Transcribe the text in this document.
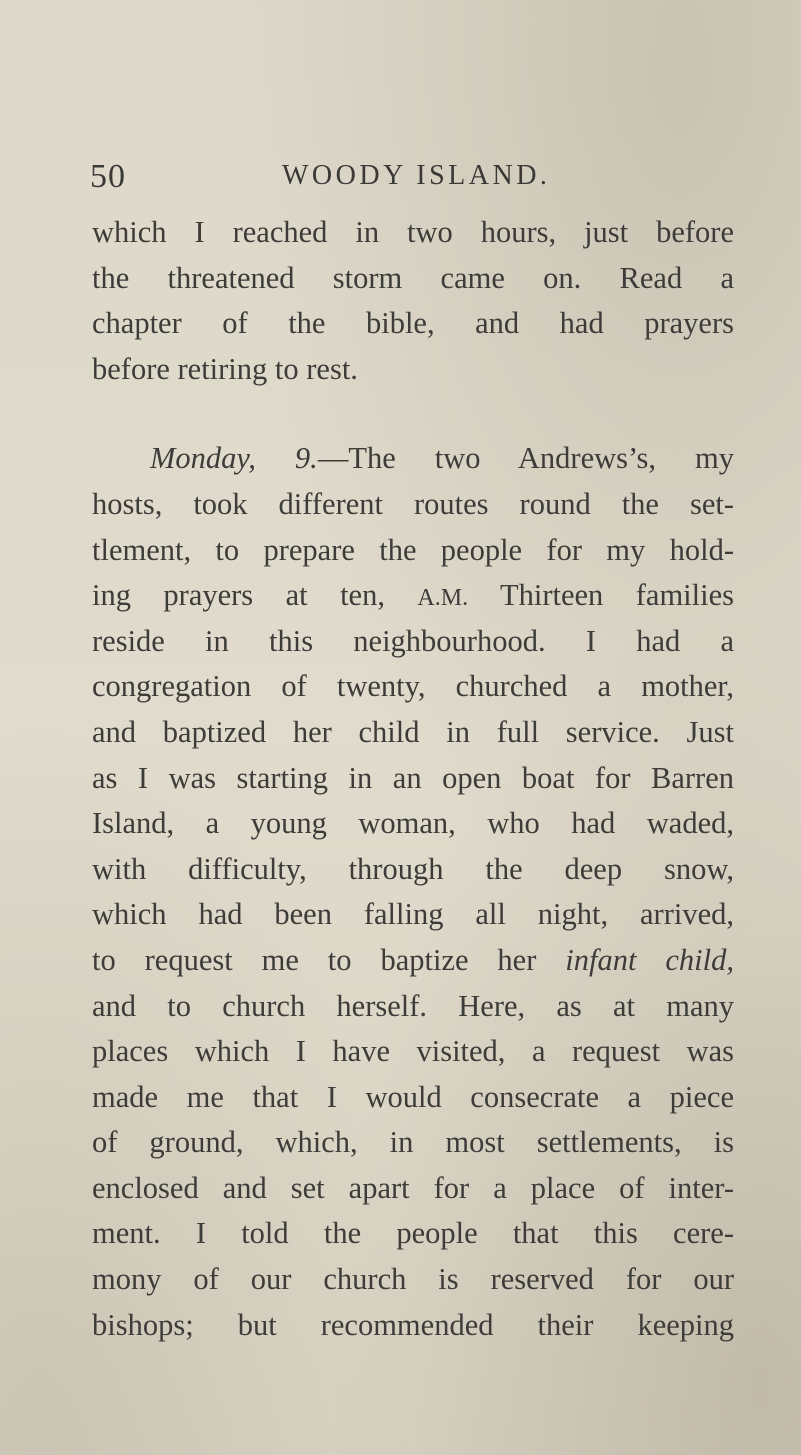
50	WOODY ISLAND.
which I reached in two hours, just before
the threatened storm came on. Read a
chapter of the bible, and had prayers
before retiring to rest.
Monday, 9.—The two Andrews’s, my
hosts, took different routes round the set-
tlement, to prepare the people for my hold-
ing prayers at ten, A.M. Thirteen families
reside in this neighbourhood. I had a
congregation of twenty, churched a mother,
and baptized her child in full service. Just
as I was starting in an open boat for Barren
Island, a young woman, who had waded,
with difficulty, through the deep snow,
which had been falling all night, arrived,
to request me to baptize her infant child,
and to church herself. Here, as at many
places which I have visited, a request was
made me that I would consecrate a piece
of ground, which, in most settlements, is
enclosed and set apart for a place of inter-
ment. I told the people that this cere-
mony of our church is reserved for our
bishops; but recommended their keeping
